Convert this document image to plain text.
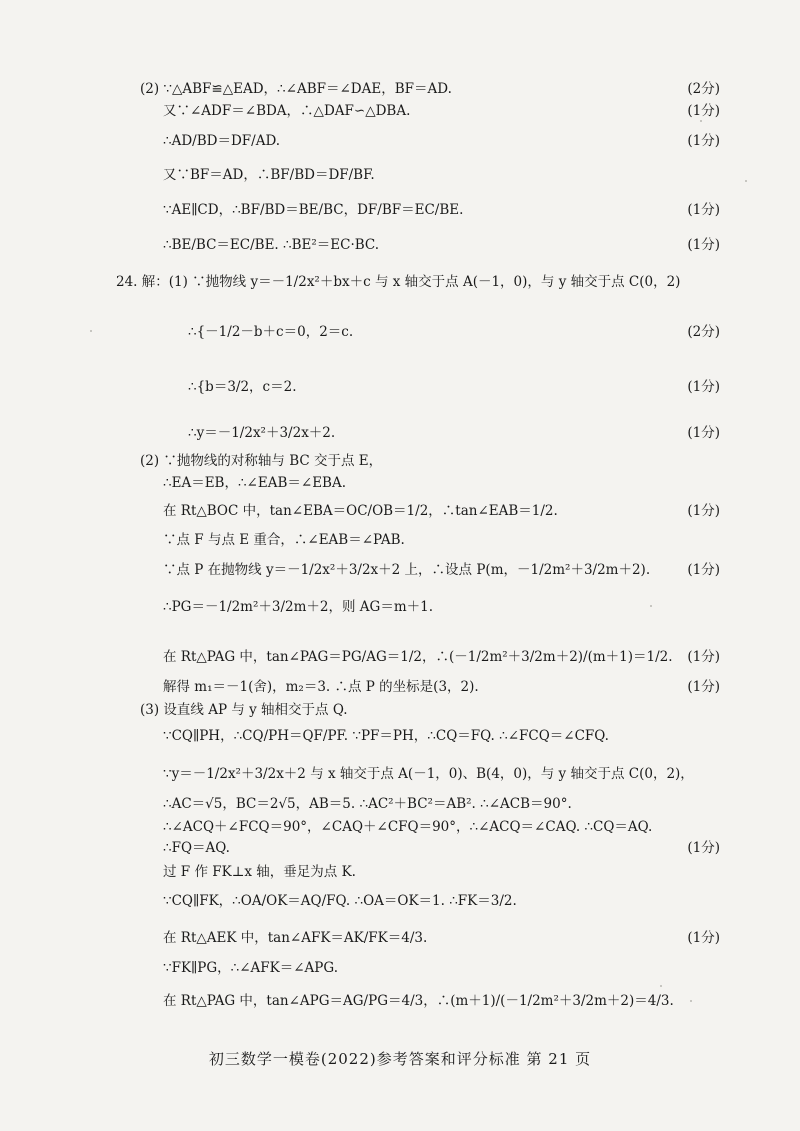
(2) ∵△ABF≌△EAD，∴∠ABF＝∠DAE，BF＝AD.	(2分)
又∵∠ADF＝∠BDA，∴△DAF∽△DBA.	(1分)
∴AD/BD＝DF/AD.	(1分)
又∵BF＝AD，∴BF/BD＝DF/BF.
∵AE∥CD，∴BF/BD＝BE/BC，DF/BF＝EC/BE.	(1分)
∴BE/BC＝EC/BE. ∴BE²＝EC·BC.	(1分)
24. 解：(1) ∵抛物线 y＝－1/2x²＋bx＋c 与 x 轴交于点 A(－1，0)，与 y 轴交于点 C(0，2)
∴{－1/2－b＋c＝0，2＝c.	(2分)
∴{b＝3/2，c＝2.	(1分)
∴y＝－1/2x²＋3/2x＋2.	(1分)
(2) ∵抛物线的对称轴与 BC 交于点 E，
∴EA＝EB，∴∠EAB＝∠EBA.
在 Rt△BOC 中，tan∠EBA＝OC/OB＝1/2，∴tan∠EAB＝1/2.	(1分)
∵点 F 与点 E 重合，∴∠EAB＝∠PAB.
∵点 P 在抛物线 y＝－1/2x²＋3/2x＋2 上，∴设点 P(m，－1/2m²＋3/2m＋2).	(1分)
∴PG＝－1/2m²＋3/2m＋2，则 AG＝m＋1.
在 Rt△PAG 中，tan∠PAG＝PG/AG＝1/2，∴(－1/2m²＋3/2m＋2)/(m＋1)＝1/2. (1分)
解得 m₁＝－1(舍)，m₂＝3. ∴点 P 的坐标是(3，2).	(1分)
(3) 设直线 AP 与 y 轴相交于点 Q.
∵CQ∥PH，∴CQ/PH＝QF/PF. ∵PF＝PH，∴CQ＝FQ. ∴∠FCQ＝∠CFQ.
∵y＝－1/2x²＋3/2x＋2 与 x 轴交于点 A(－1，0)、B(4，0)，与 y 轴交于点 C(0，2)，
∴AC＝√5，BC＝2√5，AB＝5. ∴AC²＋BC²＝AB². ∴∠ACB＝90°.
∴∠ACQ＋∠FCQ＝90°，∠CAQ＋∠CFQ＝90°，∴∠ACQ＝∠CAQ. ∴CQ＝AQ.
∴FQ＝AQ.	(1分)
过 F 作 FK⊥x 轴，垂足为点 K.
∵CQ∥FK，∴OA/OK＝AQ/FQ. ∴OA＝OK＝1. ∴FK＝3/2.
在 Rt△AEK 中，tan∠AFK＝AK/FK＝4/3.	(1分)
∵FK∥PG，∴∠AFK＝∠APG.
在 Rt△PAG 中，tan∠APG＝AG/PG＝4/3，∴(m＋1)/(－1/2m²＋3/2m＋2)＝4/3.
初三数学一模卷(2022)参考答案和评分标准 第 21 页
